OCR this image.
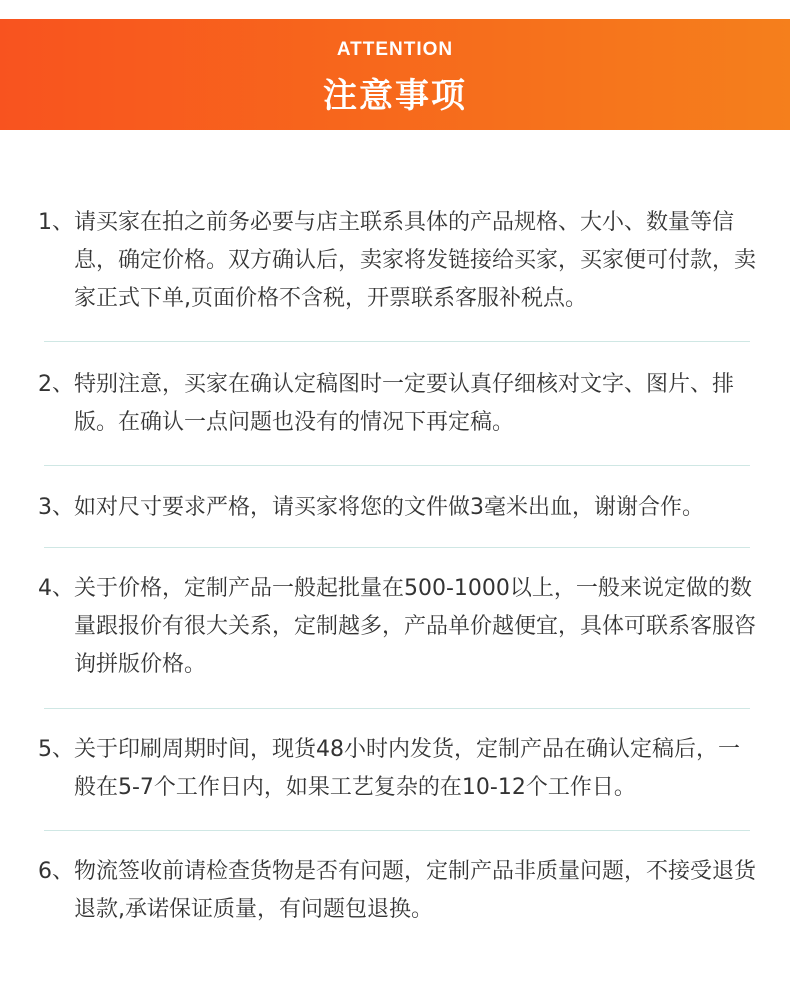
ATTENTION
注意事项
1、 请买家在拍之前务必要与店主联系具体的产品规格、大小、数量等信息，确定价格。双方确认后，卖家将发链接给买家，买家便可付款，卖家正式下单,页面价格不含税，开票联系客服补税点。
2、 特别注意，买家在确认定稿图时一定要认真仔细核对文字、图片、排版。在确认一点问题也没有的情况下再定稿。
3、 如对尺寸要求严格，请买家将您的文件做3毫米出血，谢谢合作。
4、 关于价格，定制产品一般起批量在500-1000以上，一般来说定做的数量跟报价有很大关系，定制越多，产品单价越便宜，具体可联系客服咨询拼版价格。
5、 关于印刷周期时间，现货48小时内发货，定制产品在确认定稿后，一般在5-7个工作日内，如果工艺复杂的在10-12个工作日。
6、 物流签收前请检查货物是否有问题，定制产品非质量问题，不接受退货退款,承诺保证质量，有问题包退换。
